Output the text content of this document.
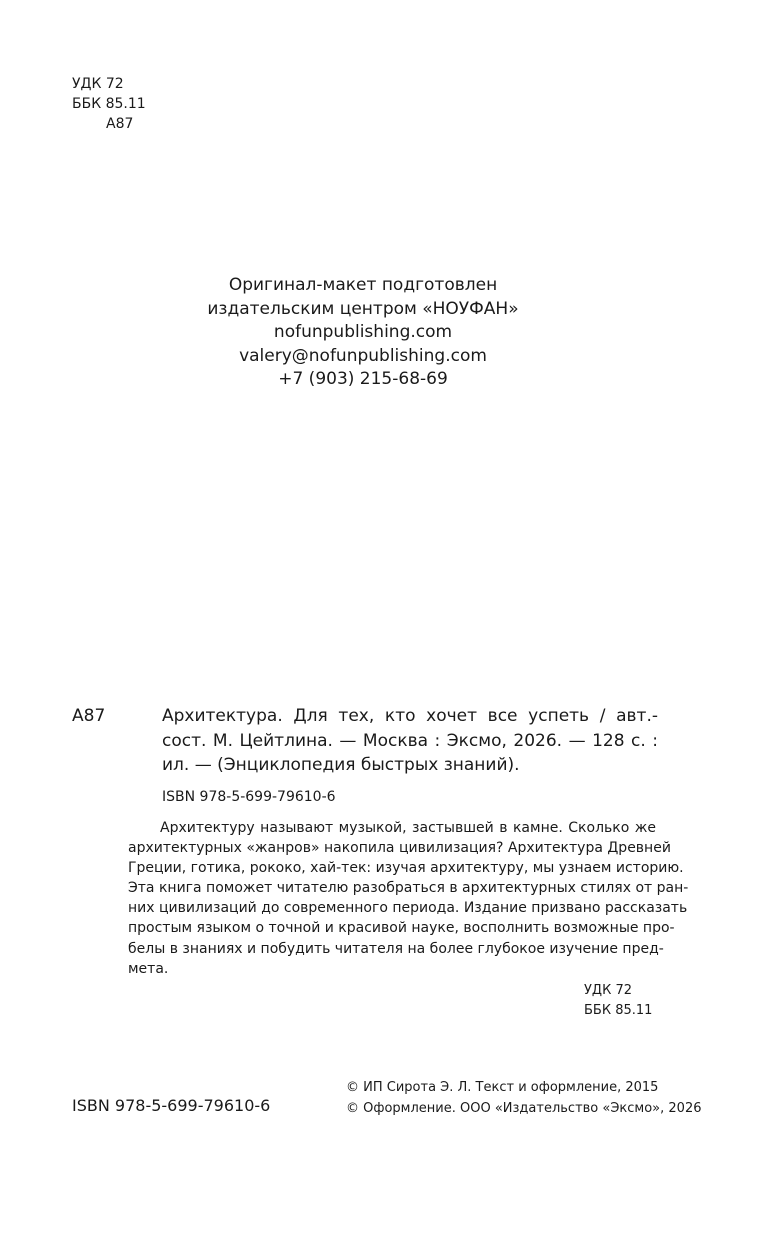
УДК 72
ББК 85.11
А87
Оригинал-макет подготовлен
издательским центром «НОУФАН»
nofunpublishing.com
valery@nofunpublishing.com
+7 (903) 215-68-69
А87	Архитектура. Для тех, кто хочет все успеть / авт.-
сост. М. Цейтлина. — Москва : Эксмо, 2026. — 128 с. :
ил. — (Энциклопедия быстрых знаний).
ISBN 978-5-699-79610-6
Архитектуру называют музыкой, застывшей в камне. Сколько же
архитектурных «жанров» накопила цивилизация? Архитектура Древней
Греции, готика, рококо, хай-тек: изучая архитектуру, мы узнаем историю.
Эта книга поможет читателю разобраться в архитектурных стилях от ран-
них цивилизаций до современного периода. Издание призвано рассказать
простым языком о точной и красивой науке, восполнить возможные про-
белы в знаниях и побудить читателя на более глубокое изучение пред-
мета.
УДК 72
ББК 85.11
ISBN 978-5-699-79610-6
© ИП Сирота Э. Л. Текст и оформление, 2015
© Оформление. ООО «Издательство «Эксмо», 2026
